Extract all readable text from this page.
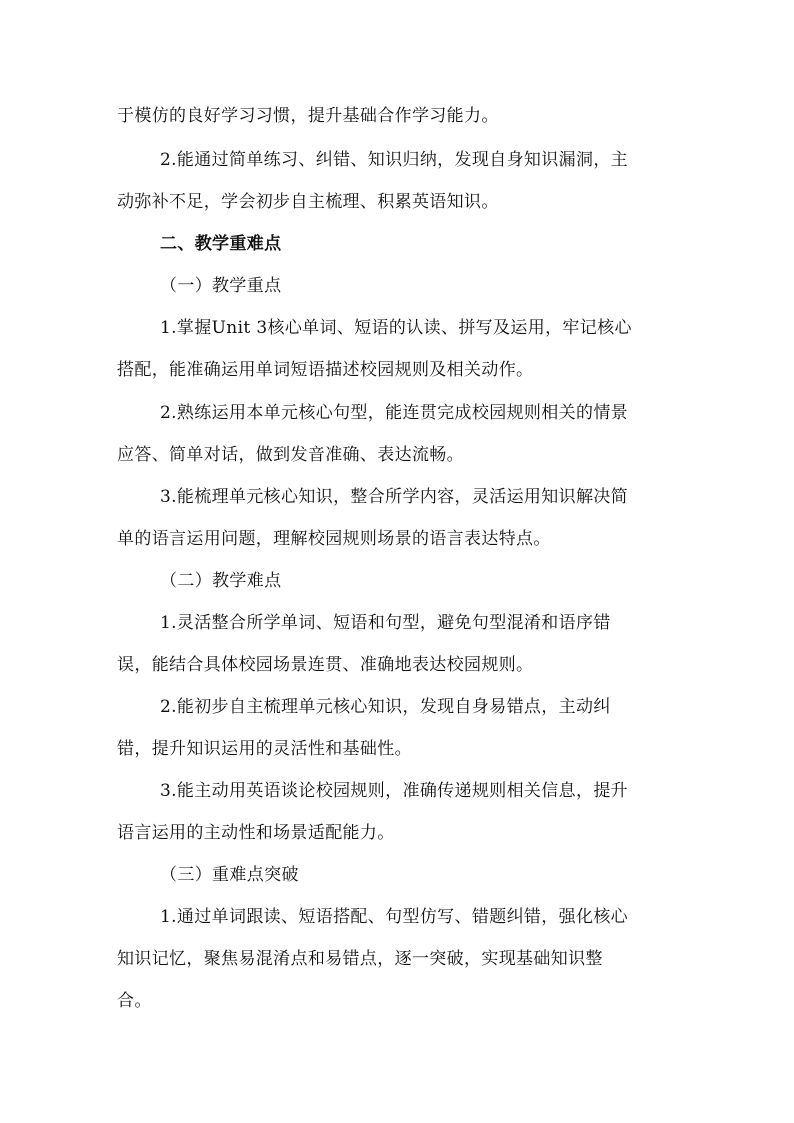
于模仿的良好学习习惯，提升基础合作学习能力。
2.能通过简单练习、纠错、知识归纳，发现自身知识漏洞，主
动弥补不足，学会初步自主梳理、积累英语知识。
二、教学重难点
（一）教学重点
1.掌握Unit 3核心单词、短语的认读、拼写及运用，牢记核心
搭配，能准确运用单词短语描述校园规则及相关动作。
2.熟练运用本单元核心句型，能连贯完成校园规则相关的情景
应答、简单对话，做到发音准确、表达流畅。
3.能梳理单元核心知识，整合所学内容，灵活运用知识解决简
单的语言运用问题，理解校园规则场景的语言表达特点。
（二）教学难点
1.灵活整合所学单词、短语和句型，避免句型混淆和语序错
误，能结合具体校园场景连贯、准确地表达校园规则。
2.能初步自主梳理单元核心知识，发现自身易错点，主动纠
错，提升知识运用的灵活性和基础性。
3.能主动用英语谈论校园规则，准确传递规则相关信息，提升
语言运用的主动性和场景适配能力。
（三）重难点突破
1.通过单词跟读、短语搭配、句型仿写、错题纠错，强化核心
知识记忆，聚焦易混淆点和易错点，逐一突破，实现基础知识整
合。
